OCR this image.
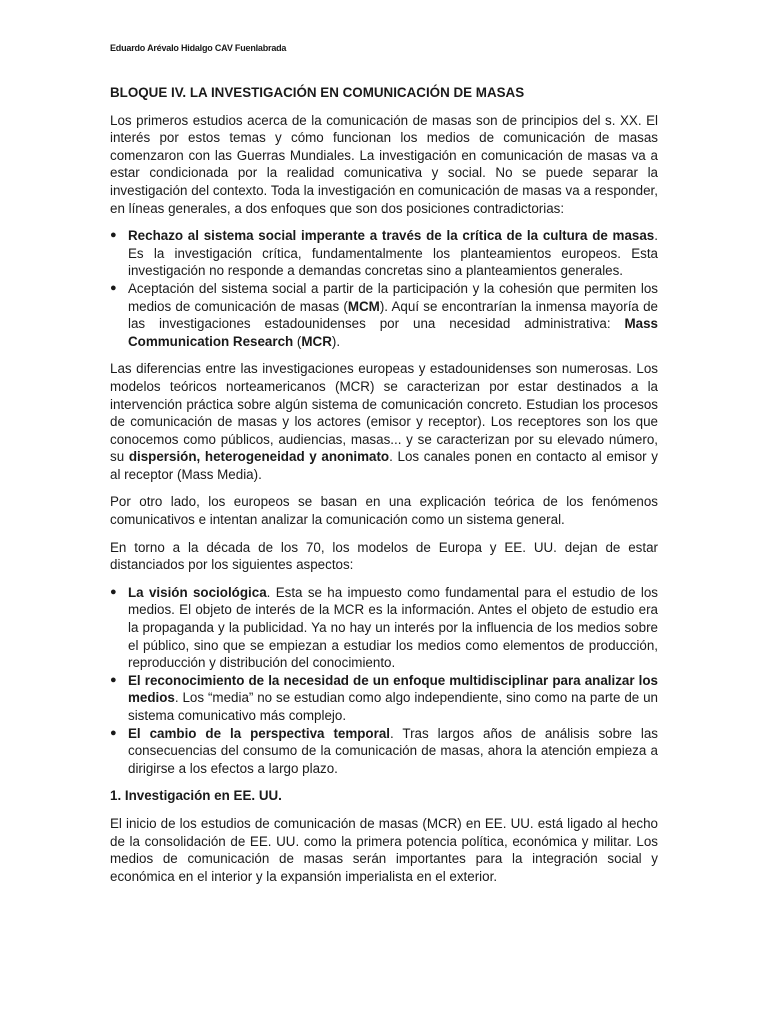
Eduardo Arévalo Hidalgo CAV Fuenlabrada
BLOQUE IV. LA INVESTIGACIÓN EN COMUNICACIÓN DE MASAS

Los primeros estudios acerca de la comunicación de masas son de principios del s. XX. El interés por estos temas y cómo funcionan los medios de comunicación de masas comenzaron con las Guerras Mundiales. La investigación en comunicación de masas va a estar condicionada por la realidad comunicativa y social. No se puede separar la investigación del contexto. Toda la investigación en comunicación de masas va a responder, en líneas generales, a dos enfoques que son dos posiciones contradictorias:

● Rechazo al sistema social imperante a través de la crítica de la cultura de masas. Es la investigación crítica, fundamentalmente los planteamientos europeos. Esta investigación no responde a demandas concretas sino a planteamientos generales.
● Aceptación del sistema social a partir de la participación y la cohesión que permiten los medios de comunicación de masas (MCM). Aquí se encontrarían la inmensa mayoría de las investigaciones estadounidenses por una necesidad administrativa: Mass Communication Research (MCR).

Las diferencias entre las investigaciones europeas y estadounidenses son numerosas. Los modelos teóricos norteamericanos (MCR) se caracterizan por estar destinados a la intervención práctica sobre algún sistema de comunicación concreto. Estudian los procesos de comunicación de masas y los actores (emisor y receptor). Los receptores son los que conocemos como públicos, audiencias, masas... y se caracterizan por su elevado número, su dispersión, heterogeneidad y anonimato. Los canales ponen en contacto al emisor y al receptor (Mass Media).

Por otro lado, los europeos se basan en una explicación teórica de los fenómenos comunicativos e intentan analizar la comunicación como un sistema general.

En torno a la década de los 70, los modelos de Europa y EE. UU. dejan de estar distanciados por los siguientes aspectos:

● La visión sociológica. Esta se ha impuesto como fundamental para el estudio de los medios. El objeto de interés de la MCR es la información. Antes el objeto de estudio era la propaganda y la publicidad. Ya no hay un interés por la influencia de los medios sobre el público, sino que se empiezan a estudiar los medios como elementos de producción, reproducción y distribución del conocimiento.
● El reconocimiento de la necesidad de un enfoque multidisciplinar para analizar los medios. Los “media” no se estudian como algo independiente, sino como na parte de un sistema comunicativo más complejo.
● El cambio de la perspectiva temporal. Tras largos años de análisis sobre las consecuencias del consumo de la comunicación de masas, ahora la atención empieza a dirigirse a los efectos a largo plazo.
1. Investigación en EE. UU.

El inicio de los estudios de comunicación de masas (MCR) en EE. UU. está ligado al hecho de la consolidación de EE. UU. como la primera potencia política, económica y militar. Los medios de comunicación de masas serán importantes para la integración social y económica en el interior y la expansión imperialista en el exterior.
